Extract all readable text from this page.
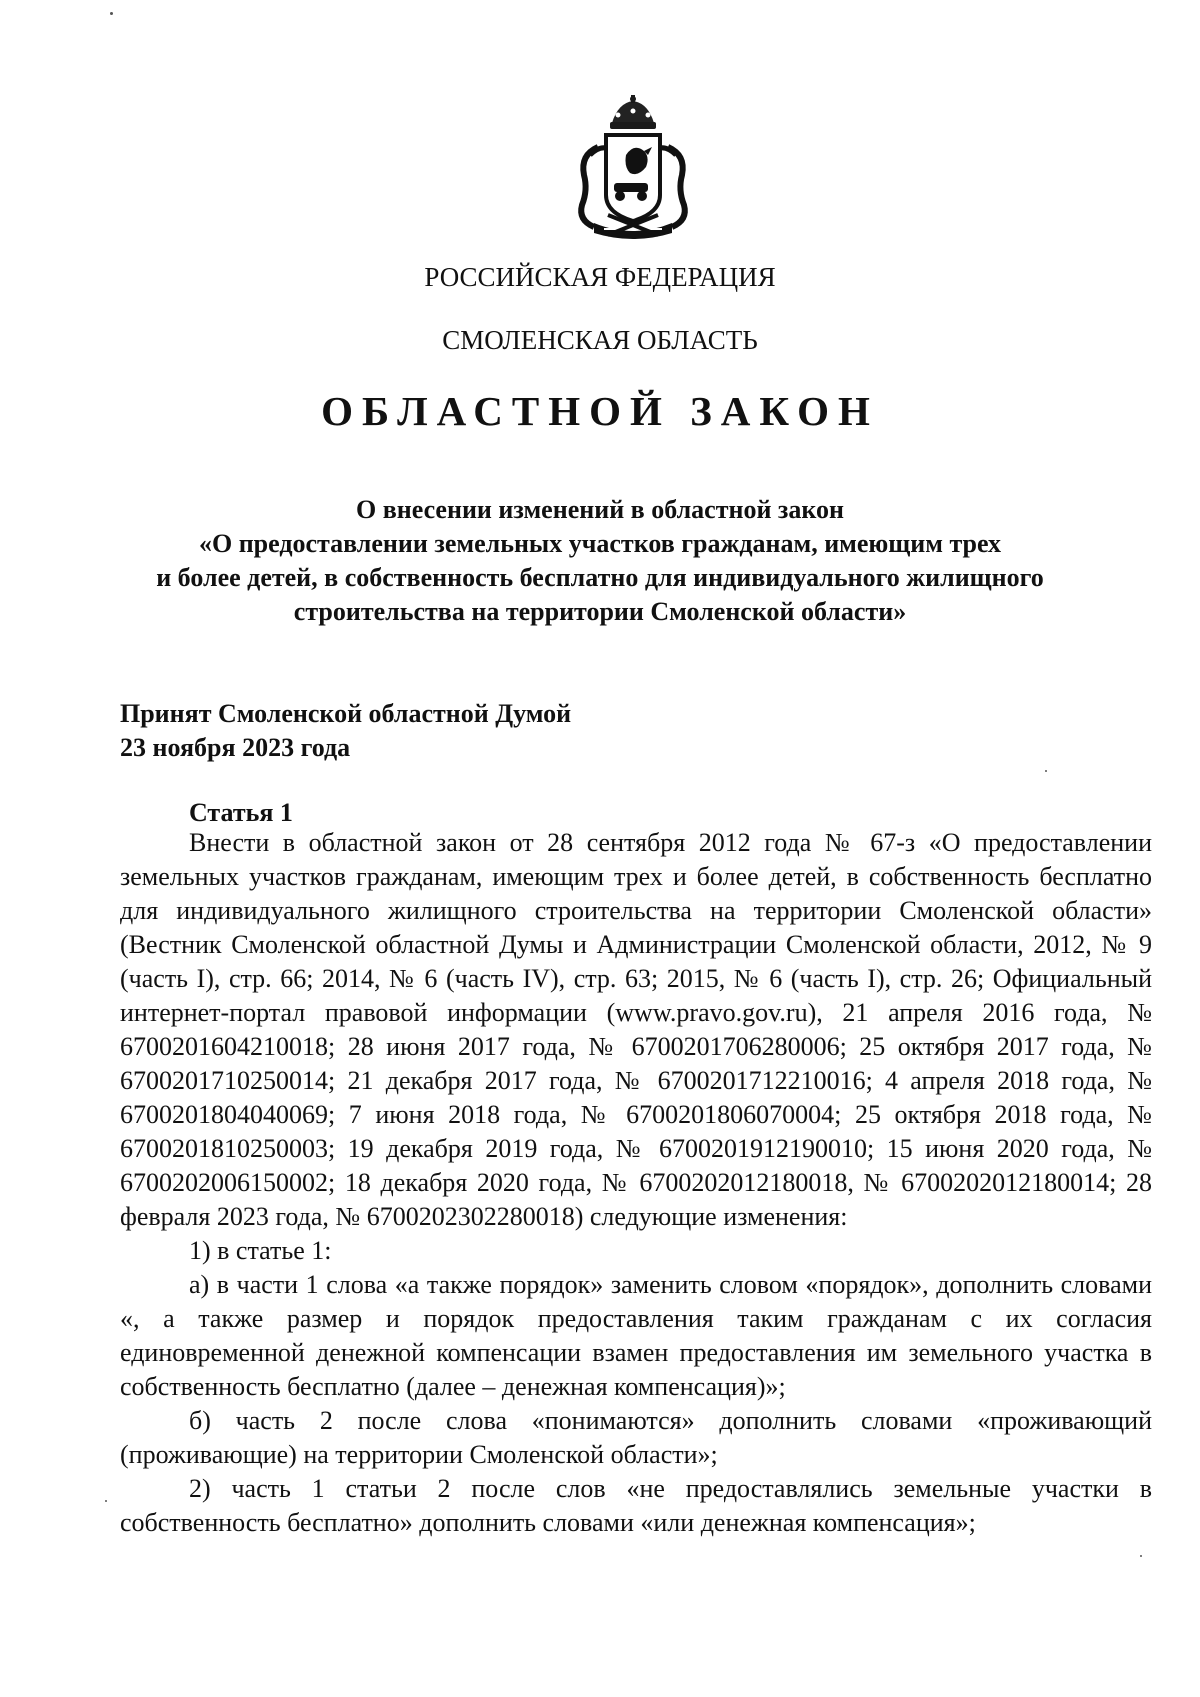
РОССИЙСКАЯ ФЕДЕРАЦИЯ
СМОЛЕНСКАЯ ОБЛАСТЬ
ОБЛАСТНОЙ ЗАКОН
О внесении изменений в областной закон
«О предоставлении земельных участков гражданам, имеющим трех
и более детей, в собственность бесплатно для индивидуального жилищного
строительства на территории Смоленской области»
Принят Смоленской областной Думой
23 ноября 2023 года
Статья 1

Внести в областной закон от 28 сентября 2012 года № 67-з «О предоставлении земельных участков гражданам, имеющим трех и более детей, в собственность бесплатно для индивидуального жилищного строительства на территории Смоленской области» (Вестник Смоленской областной Думы и Администрации Смоленской области, 2012, № 9 (часть I), стр. 66; 2014, № 6 (часть IV), стр. 63; 2015, № 6 (часть I), стр. 26; Официальный интернет-портал правовой информации (www.pravo.gov.ru), 21 апреля 2016 года, № 6700201604210018; 28 июня 2017 года, № 6700201706280006; 25 октября 2017 года, № 6700201710250014; 21 декабря 2017 года, № 6700201712210016; 4 апреля 2018 года, № 6700201804040069; 7 июня 2018 года, № 6700201806070004; 25 октября 2018 года, № 6700201810250003; 19 декабря 2019 года, № 6700201912190010; 15 июня 2020 года, № 6700202006150002; 18 декабря 2020 года, № 6700202012180018, № 6700202012180014; 28 февраля 2023 года, № 6700202302280018) следующие изменения:

1) в статье 1:

а) в части 1 слова «а также порядок» заменить словом «порядок», дополнить словами «, а также размер и порядок предоставления таким гражданам с их согласия единовременной денежной компенсации взамен предоставления им земельного участка в собственность бесплатно (далее – денежная компенсация)»;

б) часть 2 после слова «понимаются» дополнить словами «проживающий (проживающие) на территории Смоленской области»;

2) часть 1 статьи 2 после слов «не предоставлялись земельные участки в собственность бесплатно» дополнить словами «или денежная компенсация»;
